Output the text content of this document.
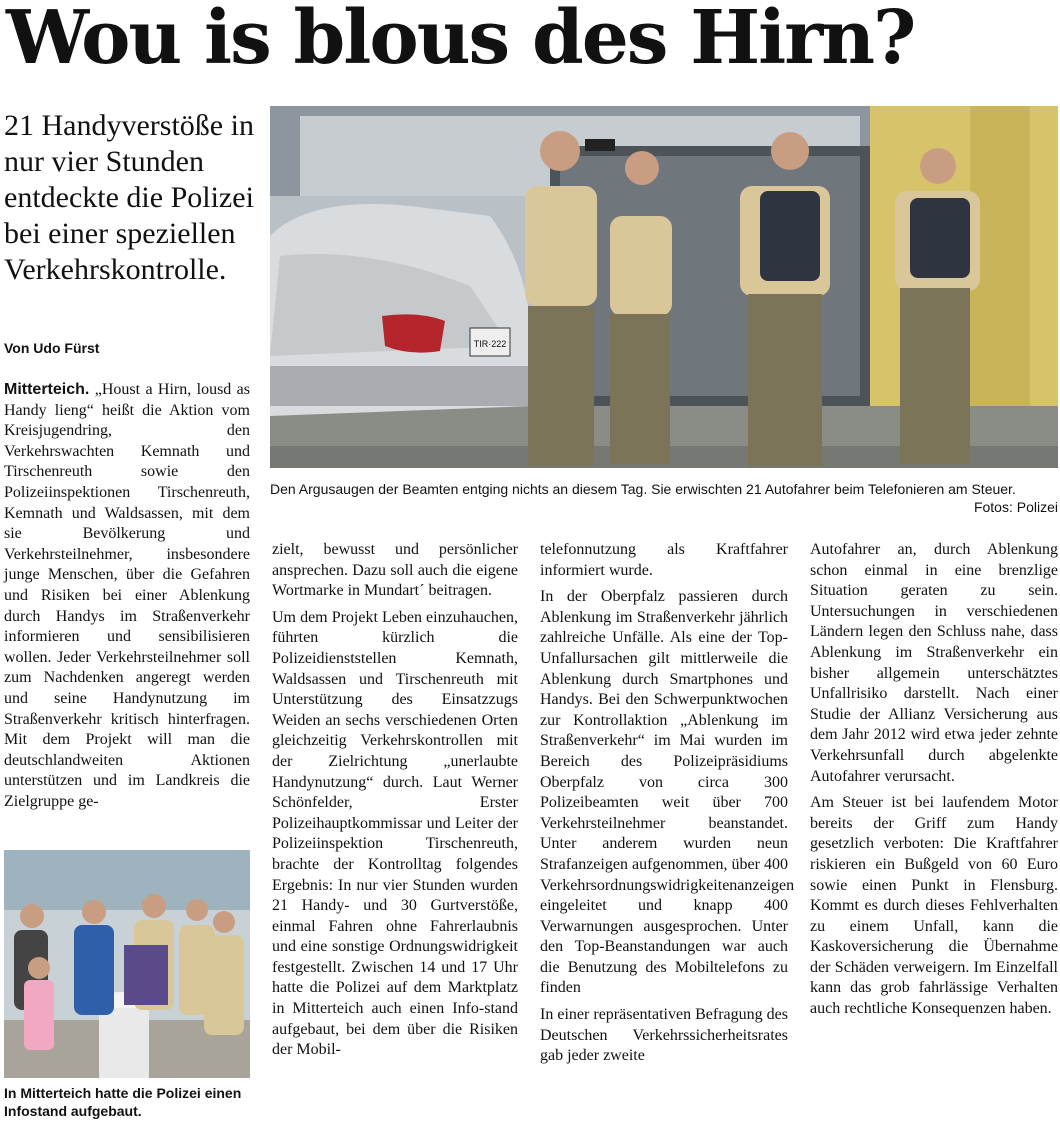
Wou is blous des Hirn?

21 Handyverstöße in nur vier Stunden entdeckte die Polizei bei einer speziellen Verkehrskontrolle.

Von Udo Fürst	TIR·222
Den Argusaugen der Beamten entging nichts an diesem Tag. Sie erwischten 21 Autofahrer beim Telefonieren am Steuer.
Fotos: Polizei

Mitterteich. „Houst a Hirn, lousd as Handy lieng“ heißt die Aktion vom Kreisjugendring, den Verkehrswachten Kemnath und Tirschenreuth sowie den Polizeiinspektionen Tirschenreuth, Kemnath und Waldsassen, mit dem sie Bevölkerung und Verkehrsteilnehmer, insbesondere junge Menschen, über die Gefahren und Risiken bei einer Ablenkung durch Handys im Straßenverkehr informieren und sensibilisieren wollen. Jeder Verkehrsteilnehmer soll zum Nachdenken angeregt werden und seine Handynutzung im Straßenverkehr kritisch hinterfragen. Mit dem Projekt will man die deutschlandweiten Aktionen unterstützen und im Landkreis die Zielgruppe ge-

In Mitterteich hatte die Polizei einen Infostand aufgebaut.

zielt, bewusst und persönlicher ansprechen. Dazu soll auch die eigene Wortmarke in Mundart´ beitragen.

Um dem Projekt Leben einzuhauchen, führten kürzlich die Polizeidienststellen Kemnath, Waldsassen und Tirschenreuth mit Unterstützung des Einsatzzugs Weiden an sechs verschiedenen Orten gleichzeitig Verkehrskontrollen mit der Zielrichtung „unerlaubte Handynutzung“ durch. Laut Werner Schönfelder, Erster Polizeihauptkommissar und Leiter der Polizeiinspektion Tirschenreuth, brachte der Kontrolltag folgendes Ergebnis: In nur vier Stunden wurden 21 Handy- und 30 Gurtverstöße, einmal Fahren ohne Fahrerlaubnis und eine sonstige Ordnungswidrigkeit festgestellt. Zwischen 14 und 17 Uhr hatte die Polizei auf dem Marktplatz in Mitterteich auch einen Info-stand aufgebaut, bei dem über die Risiken der Mobil-

telefonnutzung als Kraftfahrer informiert wurde.

In der Oberpfalz passieren durch Ablenkung im Straßenverkehr jährlich zahlreiche Unfälle. Als eine der Top-Unfallursachen gilt mittlerweile die Ablenkung durch Smartphones und Handys. Bei den Schwerpunktwochen zur Kontrollaktion „Ablenkung im Straßenverkehr“ im Mai wurden im Bereich des Polizeipräsidiums Oberpfalz von circa 300 Polizeibeamten weit über 700 Verkehrsteilnehmer beanstandet. Unter anderem wurden neun Strafanzeigen aufgenommen, über 400 Verkehrsordnungswidrigkeitenanzeigen eingeleitet und knapp 400 Verwarnungen ausgesprochen. Unter den Top-Beanstandungen war auch die Benutzung des Mobiltelefons zu finden

In einer repräsentativen Befragung des Deutschen Verkehrssicherheitsrates gab jeder zweite

Autofahrer an, durch Ablenkung schon einmal in eine brenzlige Situation geraten zu sein. Untersuchungen in verschiedenen Ländern legen den Schluss nahe, dass Ablenkung im Straßenverkehr ein bisher allgemein unterschätztes Unfallrisiko darstellt. Nach einer Studie der Allianz Versicherung aus dem Jahr 2012 wird etwa jeder zehnte Verkehrsunfall durch abgelenkte Autofahrer verursacht.

Am Steuer ist bei laufendem Motor bereits der Griff zum Handy gesetzlich verboten: Die Kraftfahrer riskieren ein Bußgeld von 60 Euro sowie einen Punkt in Flensburg. Kommt es durch dieses Fehlverhalten zu einem Unfall, kann die Kaskoversicherung die Übernahme der Schäden verweigern. Im Einzelfall kann das grob fahrlässige Verhalten auch rechtliche Konsequenzen haben.
